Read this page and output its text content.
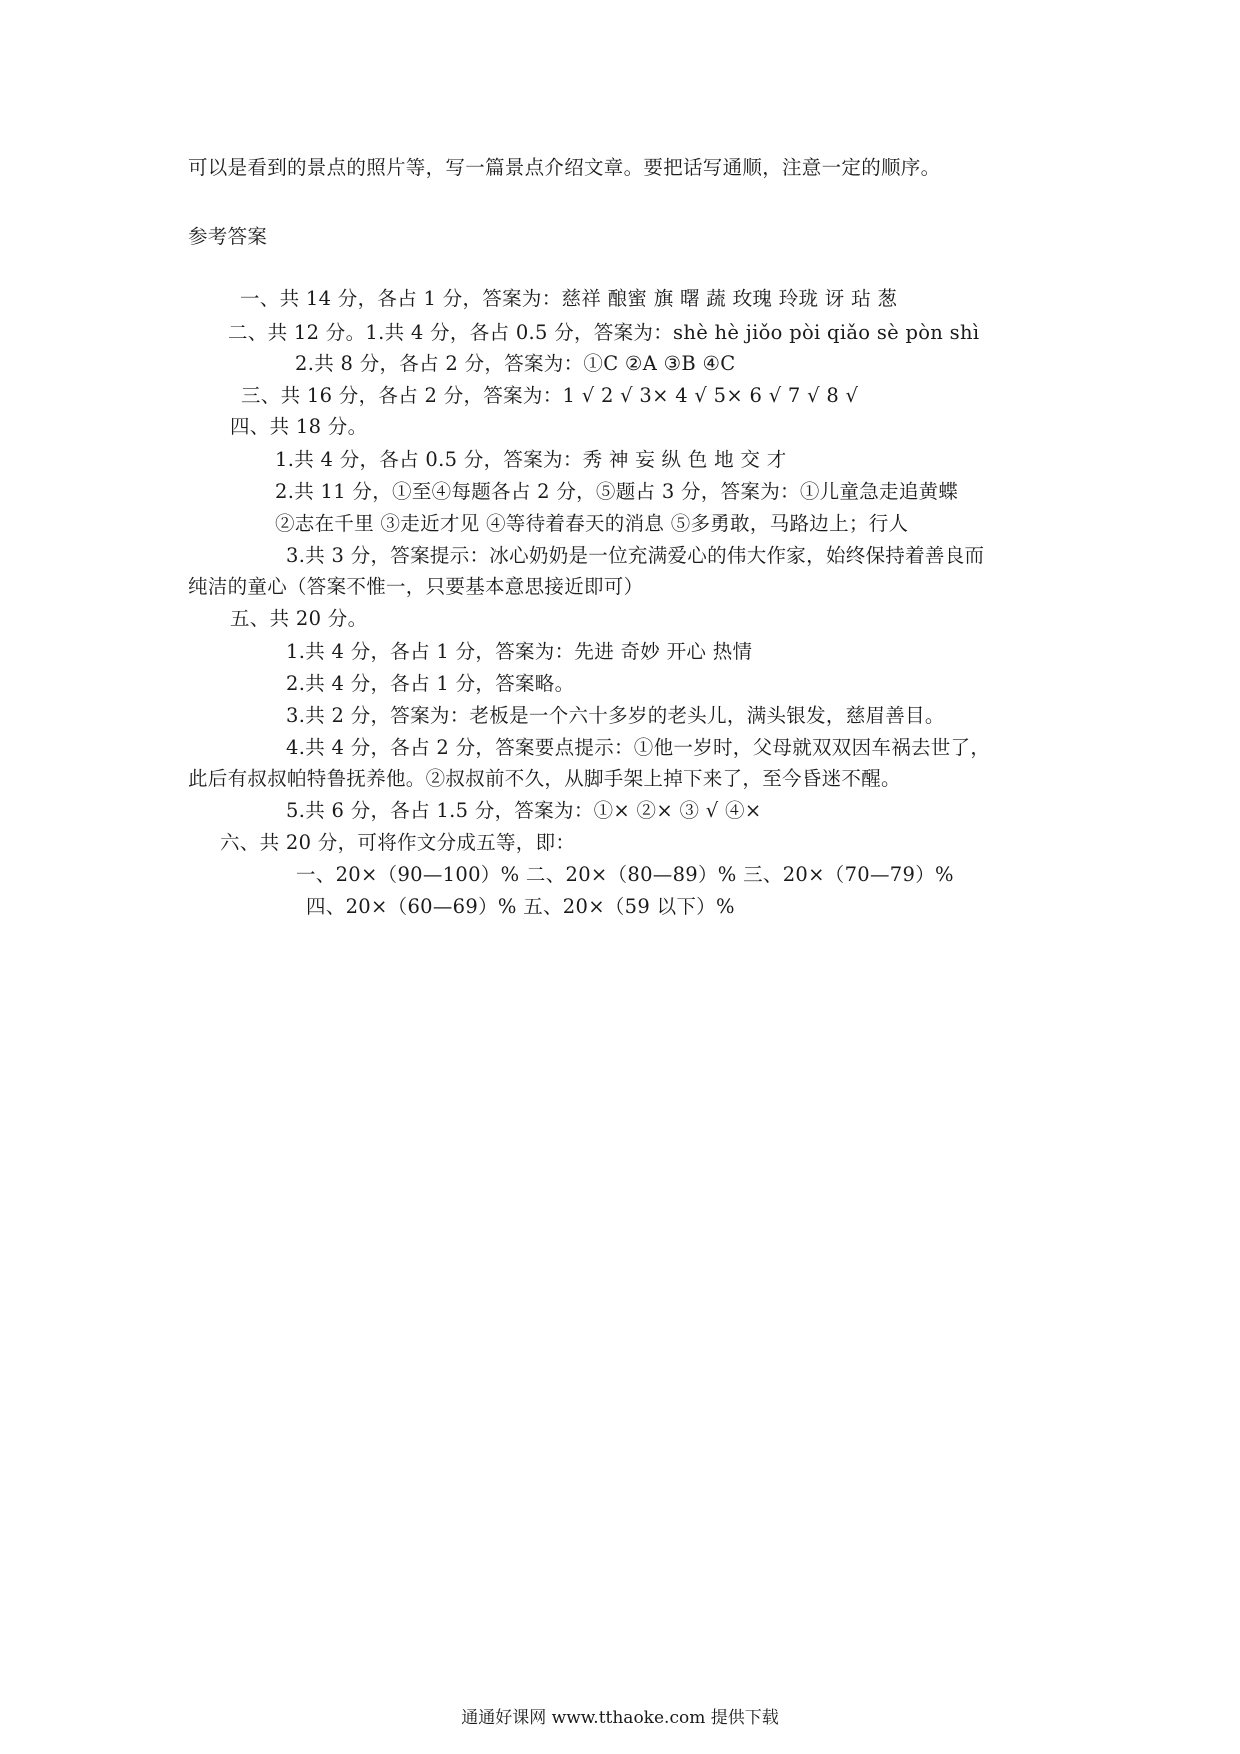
可以是看到的景点的照片等，写一篇景点介绍文章。要把话写通顺，注意一定的顺序。
参考答案
一、共 14 分，各占 1 分，答案为：慈祥 酿蜜 旗 曙 蔬 玫瑰 玲珑 讶 玷 葱
二、共 12 分。1.共 4 分，各占 0.5 分，答案为：shè hè jiǒo pòi qiǎo sè pòn shì
2.共 8 分，各占 2 分，答案为：①C ②A ③B ④C
三、共 16 分，各占 2 分，答案为：1 √ 2 √ 3× 4 √ 5× 6 √ 7 √ 8 √
四、共 18 分。
1.共 4 分，各占 0.5 分，答案为：秀 神 妄 纵 色 地 交 才
2.共 11 分，①至④每题各占 2 分，⑤题占 3 分，答案为：①儿童急走追黄蝶
②志在千里 ③走近才见 ④等待着春天的消息 ⑤多勇敢，马路边上；行人
3.共 3 分，答案提示：冰心奶奶是一位充满爱心的伟大作家，始终保持着善良而
纯洁的童心（答案不惟一，只要基本意思接近即可）
五、共 20 分。
1.共 4 分，各占 1 分，答案为：先进 奇妙 开心 热情
2.共 4 分，各占 1 分，答案略。
3.共 2 分，答案为：老板是一个六十多岁的老头儿，满头银发，慈眉善目。
4.共 4 分，各占 2 分，答案要点提示：①他一岁时，父母就双双因车祸去世了，
此后有叔叔帕特鲁抚养他。②叔叔前不久，从脚手架上掉下来了，至今昏迷不醒。
5.共 6 分，各占 1.5 分，答案为：①× ②× ③ √ ④×
六、共 20 分，可将作文分成五等，即：
一、20×（90—100）% 二、20×（80—89）% 三、20×（70—79）%
四、20×（60—69）% 五、20×（59 以下）%
通通好课网 www.tthaoke.com 提供下载
